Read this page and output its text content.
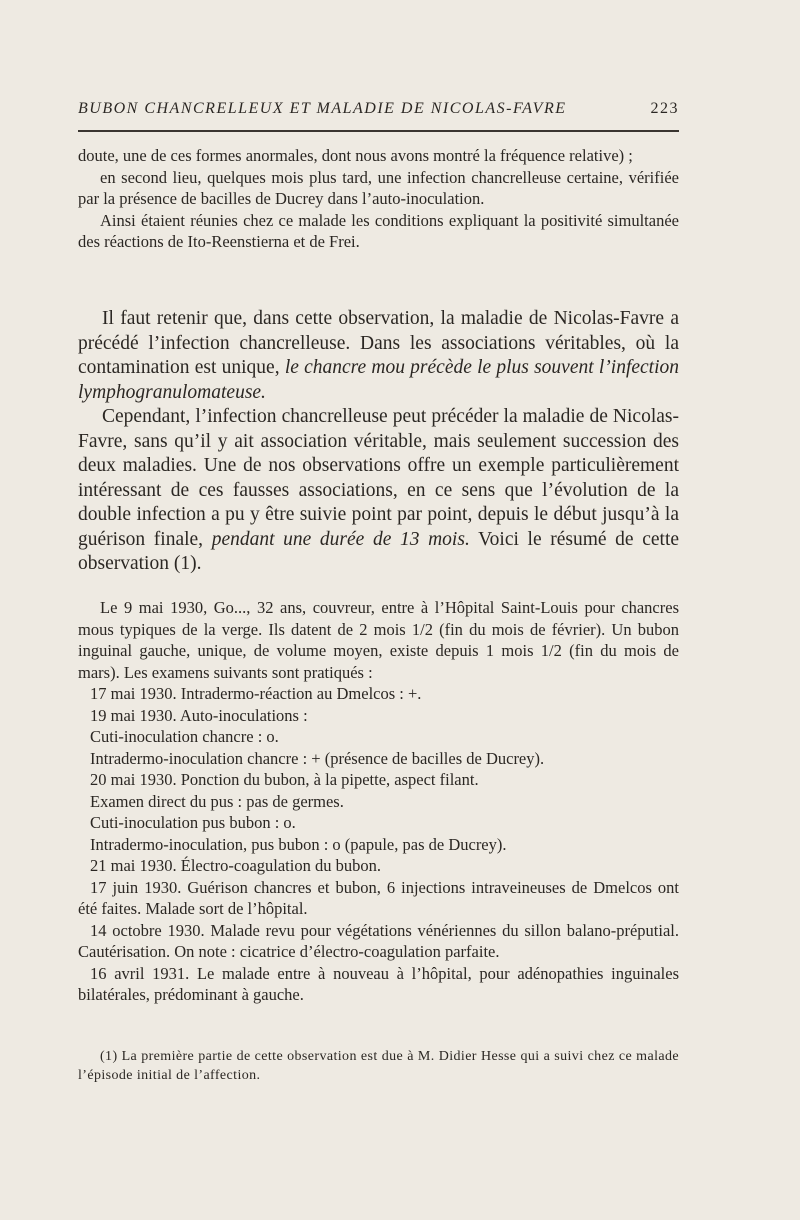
BUBON CHANCRELLEUX ET MALADIE DE NICOLAS-FAVRE	223

doute, une de ces formes anormales, dont nous avons montré la fréquence relative) ;

en second lieu, quelques mois plus tard, une infection chancrelleuse certaine, vérifiée par la présence de bacilles de Ducrey dans l’auto-inoculation.

Ainsi étaient réunies chez ce malade les conditions expliquant la positivité simultanée des réactions de Ito-Reenstierna et de Frei.

Il faut retenir que, dans cette observation, la maladie de Nicolas-Favre a précédé l’infection chancrelleuse. Dans les associations véritables, où la contamination est unique, le chancre mou précède le plus souvent l’infection lymphogranulomateuse.

Cependant, l’infection chancrelleuse peut précéder la maladie de Nicolas-Favre, sans qu’il y ait association véritable, mais seulement succession des deux maladies. Une de nos observations offre un exemple particulièrement intéressant de ces fausses associations, en ce sens que l’évolution de la double infection a pu y être suivie point par point, depuis le début jusqu’à la guérison finale, pendant une durée de 13 mois. Voici le résumé de cette observation (1).

Le 9 mai 1930, Go..., 32 ans, couvreur, entre à l’Hôpital Saint-Louis pour chancres mous typiques de la verge. Ils datent de 2 mois 1/2 (fin du mois de février). Un bubon inguinal gauche, unique, de volume moyen, existe depuis 1 mois 1/2 (fin du mois de mars). Les examens suivants sont pratiqués :

17 mai 1930. Intradermo-réaction au Dmelcos : +.

19 mai 1930. Auto-inoculations :

Cuti-inoculation chancre : o.

Intradermo-inoculation chancre : + (présence de bacilles de Ducrey).

20 mai 1930. Ponction du bubon, à la pipette, aspect filant.

Examen direct du pus : pas de germes.

Cuti-inoculation pus bubon : o.

Intradermo-inoculation, pus bubon : o (papule, pas de Ducrey).

21 mai 1930. Électro-coagulation du bubon.

17 juin 1930. Guérison chancres et bubon, 6 injections intraveineuses de Dmelcos ont été faites. Malade sort de l’hôpital.

14 octobre 1930. Malade revu pour végétations vénériennes du sillon balano-préputial. Cautérisation. On note : cicatrice d’électro-coagulation parfaite.

16 avril 1931. Le malade entre à nouveau à l’hôpital, pour adénopathies inguinales bilatérales, prédominant à gauche.

(1) La première partie de cette observation est due à M. Didier Hesse qui a suivi chez ce malade l’épisode initial de l’affection.
